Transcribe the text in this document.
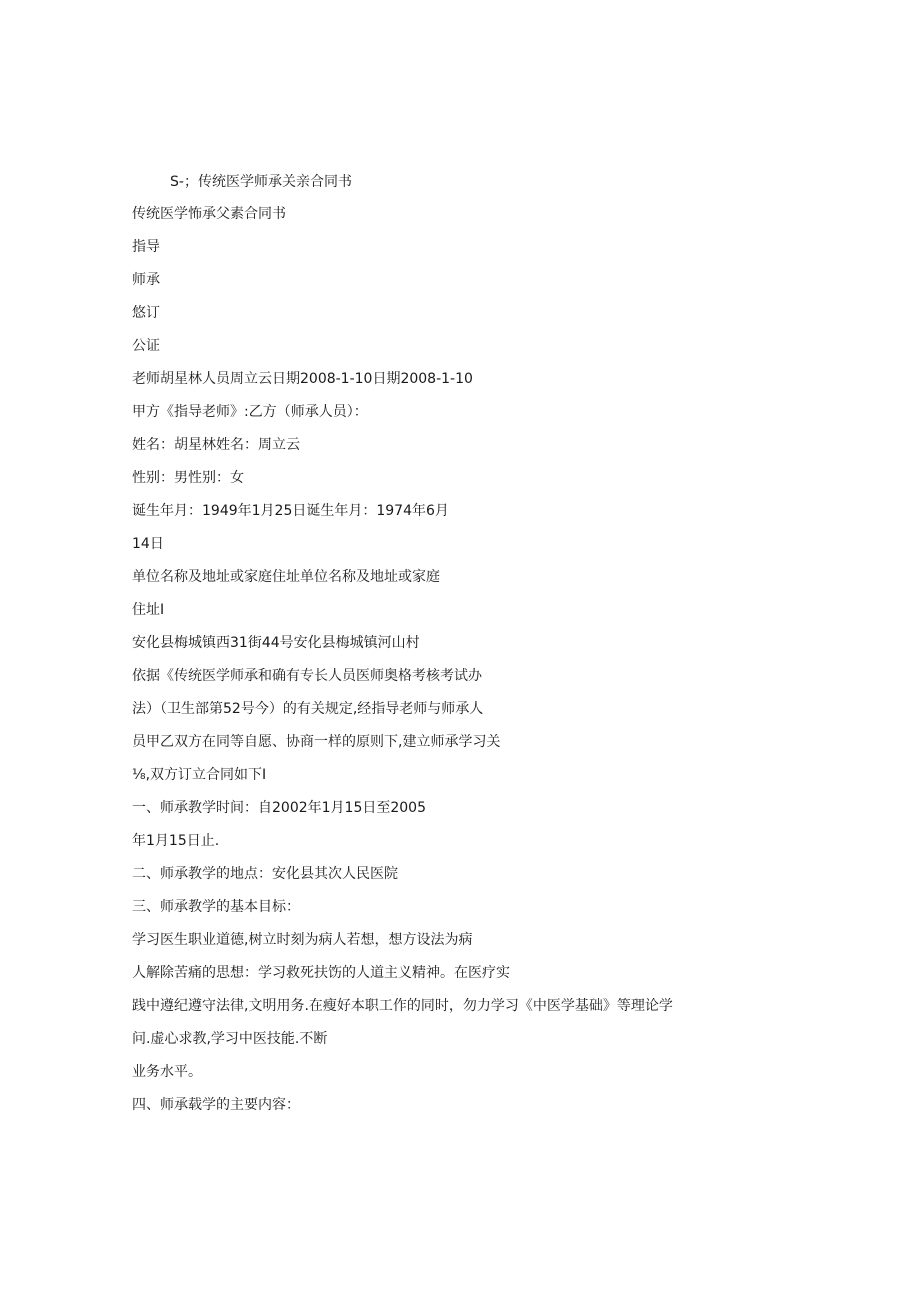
S-；传统医学师承关亲合同书
传统医学怖承父素合同书
指导
师承
悠订
公证
老师胡星林人员周立云日期2008-1-10日期2008-1-10
甲方《指导老师》:乙方（师承人员）：
姓名：胡星林姓名：周立云
性别：男性别：女
诞生年月：1949年1月25日诞生年月：1974年6月
14日
单位名称及地址或家庭住址单位名称及地址或家庭
住址I
安化县梅城镇西31街44号安化县梅城镇河山村
依据《传统医学师承和确有专长人员医师奥格考核考试办
法）（卫生部第52号今）的有关规定,经指导老师与师承人
员甲乙双方在同等自愿、协商一样的原则下,建立师承学习关
⅛,双方订立合同如下I
一、师承教学时间：自2002年1月15日至2005
年1月15日止.
二、师承教学的地点：安化县其次人民医院
三、师承教学的基本目标：
学习医生职业道德,树立时刻为病人若想，想方设法为病
人解除苦痛的思想：学习救死扶饬的人道主义精神。在医疗实
践中遵纪遵守法律,文明用务.在瘦好本职工作的同时，勿力学习《中医学基础》等理论学
问.虚心求教,学习中医技能.不断
业务水平。
四、师承载学的主要内容：
